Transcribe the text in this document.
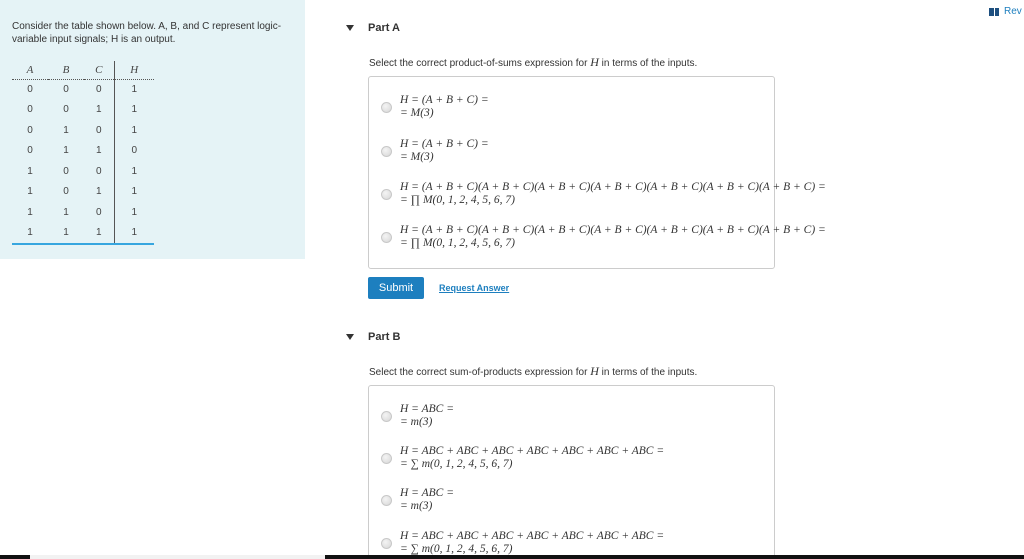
Consider the table shown below. A, B, and C represent logic-variable input signals; H is an output.
A	B	C	H
0	0	0	1
0	0	1	1
0	1	0	1
0	1	1	0
1	0	0	1
1	0	1	1
1	1	0	1
1	1	1	1
Rev
Part A
Select the correct product-of-sums expression for H in terms of the inputs.
H = (A + B + C) =
= M(3)
H = (A + B + C) =
= M(3)
H = (A + B + C)(A + B + C)(A + B + C)(A + B + C)(A + B + C)(A + B + C)(A + B + C) =
= ∏ M(0, 1, 2, 4, 5, 6, 7)
H = (A + B + C)(A + B + C)(A + B + C)(A + B + C)(A + B + C)(A + B + C)(A + B + C) =
= ∏ M(0, 1, 2, 4, 5, 6, 7)
Submit	Request Answer
Part B
Select the correct sum-of-products expression for H in terms of the inputs.
H = ABC =
= m(3)
H = ABC + ABC + ABC + ABC + ABC + ABC + ABC =
= ∑ m(0, 1, 2, 4, 5, 6, 7)
H = ABC =
= m(3)
H = ABC + ABC + ABC + ABC + ABC + ABC + ABC =
= ∑ m(0, 1, 2, 4, 5, 6, 7)
